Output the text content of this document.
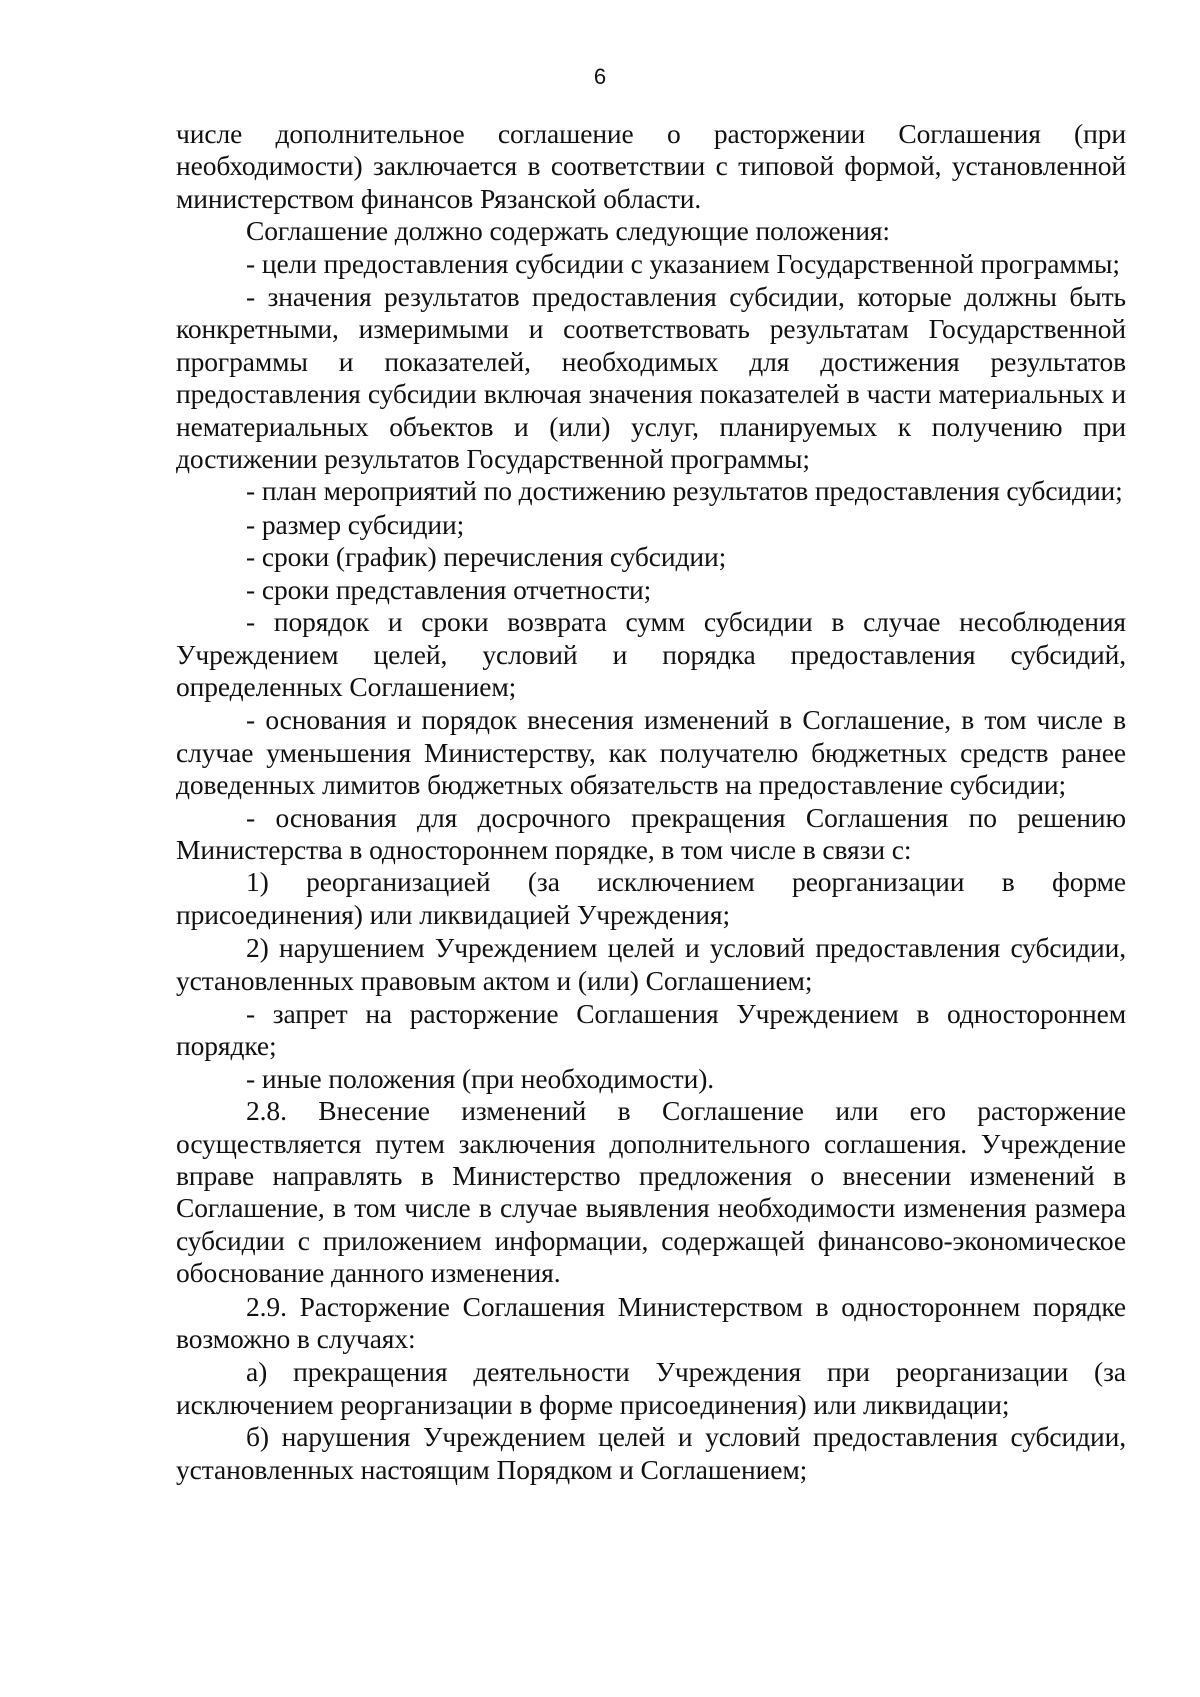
6

числе дополнительное соглашение о расторжении Соглашения (при необходимости) заключается в соответствии с типовой формой, установленной министерством финансов Рязанской области.

Соглашение должно содержать следующие положения:

- цели предоставления субсидии с указанием Государственной программы;

- значения результатов предоставления субсидии, которые должны быть конкретными, измеримыми и соответствовать результатам Государственной программы и показателей, необходимых для достижения результатов предоставления субсидии включая значения показателей в части материальных и нематериальных объектов и (или) услуг, планируемых к получению при достижении результатов Государственной программы;

- план мероприятий по достижению результатов предоставления субсидии;

- размер субсидии;

- сроки (график) перечисления субсидии;

- сроки представления отчетности;

- порядок и сроки возврата сумм субсидии в случае несоблюдения Учреждением целей, условий и порядка предоставления субсидий, определенных Соглашением;

- основания и порядок внесения изменений в Соглашение, в том числе в случае уменьшения Министерству, как получателю бюджетных средств ранее доведенных лимитов бюджетных обязательств на предоставление субсидии;

- основания для досрочного прекращения Соглашения по решению Министерства в одностороннем порядке, в том числе в связи с:

1) реорганизацией (за исключением реорганизации в форме присоединения) или ликвидацией Учреждения;

2) нарушением Учреждением целей и условий предоставления субсидии, установленных правовым актом и (или) Соглашением;

- запрет на расторжение Соглашения Учреждением в одностороннем порядке;

- иные положения (при необходимости).

2.8. Внесение изменений в Соглашение или его расторжение осуществляется путем заключения дополнительного соглашения. Учреждение вправе направлять в Министерство предложения о внесении изменений в Соглашение, в том числе в случае выявления необходимости изменения размера субсидии с приложением информации, содержащей финансово-экономическое обоснование данного изменения.

2.9. Расторжение Соглашения Министерством в одностороннем порядке возможно в случаях:

а) прекращения деятельности Учреждения при реорганизации (за исключением реорганизации в форме присоединения) или ликвидации;

б) нарушения Учреждением целей и условий предоставления субсидии, установленных настоящим Порядком и Соглашением;
